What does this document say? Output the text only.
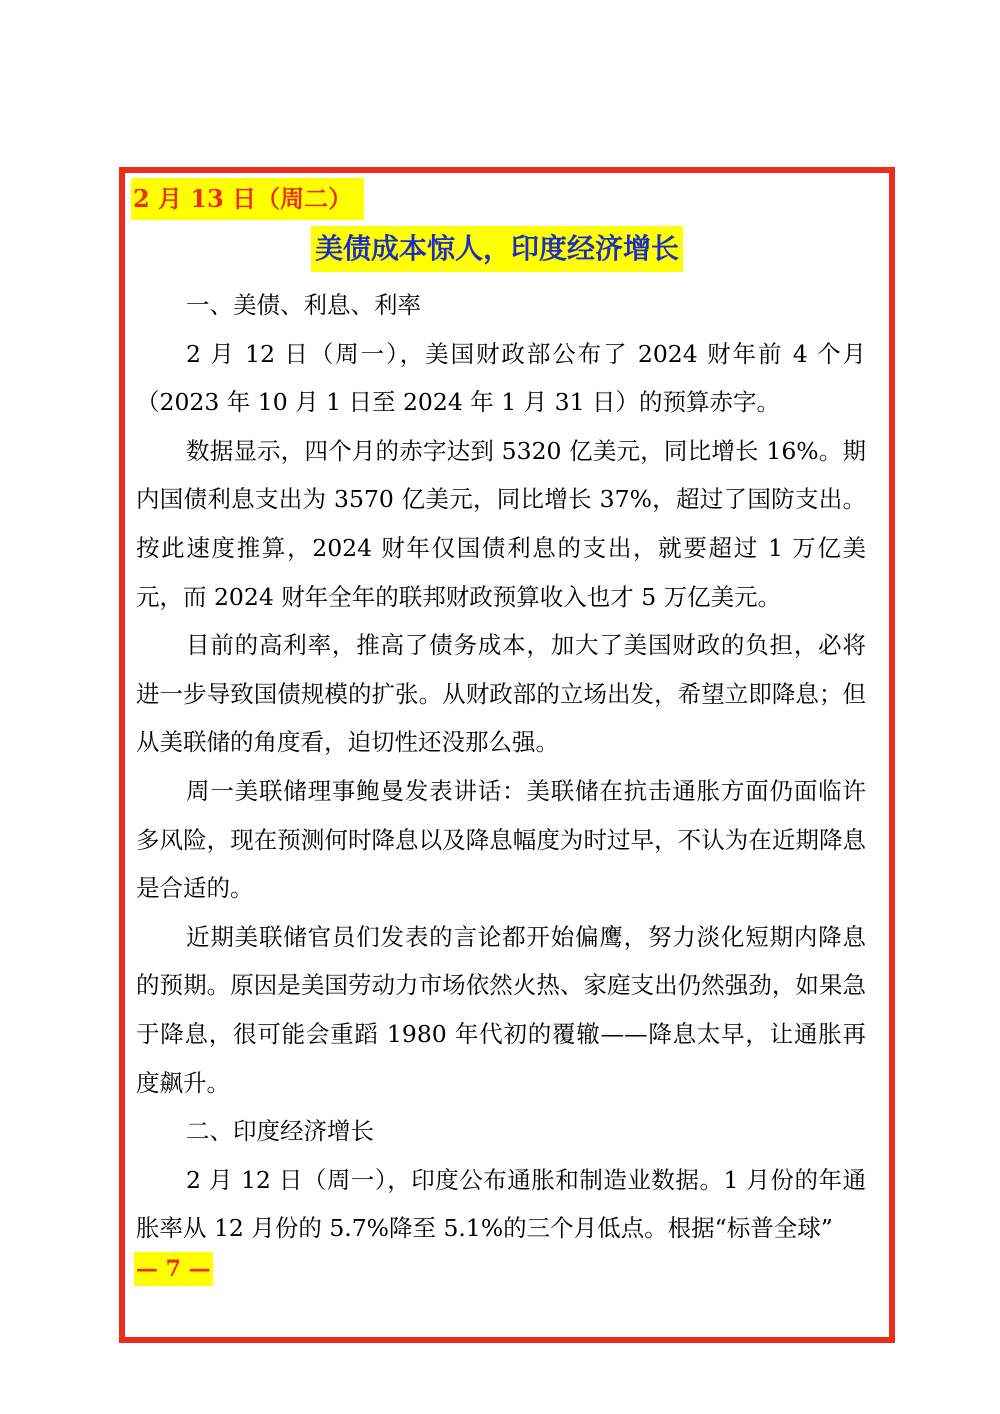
2 月 13 日（周二）
美债成本惊人，印度经济增长

一、美债、利息、利率

2 月 12 日（周一），美国财政部公布了 2024 财年前 4 个月（2023 年 10 月 1 日至 2024 年 1 月 31 日）的预算赤字。

数据显示，四个月的赤字达到 5320 亿美元，同比增长 16%。期内国债利息支出为 3570 亿美元，同比增长 37%，超过了国防支出。按此速度推算，2024 财年仅国债利息的支出，就要超过 1 万亿美元，而 2024 财年全年的联邦财政预算收入也才 5 万亿美元。

目前的高利率，推高了债务成本，加大了美国财政的负担，必将进一步导致国债规模的扩张。从财政部的立场出发，希望立即降息；但从美联储的角度看，迫切性还没那么强。

周一美联储理事鲍曼发表讲话：美联储在抗击通胀方面仍面临许多风险，现在预测何时降息以及降息幅度为时过早，不认为在近期降息是合适的。

近期美联储官员们发表的言论都开始偏鹰，努力淡化短期内降息的预期。原因是美国劳动力市场依然火热、家庭支出仍然强劲，如果急于降息，很可能会重蹈 1980 年代初的覆辙——降息太早，让通胀再度飙升。

二、印度经济增长

2 月 12 日（周一），印度公布通胀和制造业数据。1 月份的年通胀率从 12 月份的 5.7%降至 5.1%的三个月低点。根据“标普全球”

— 7 —
